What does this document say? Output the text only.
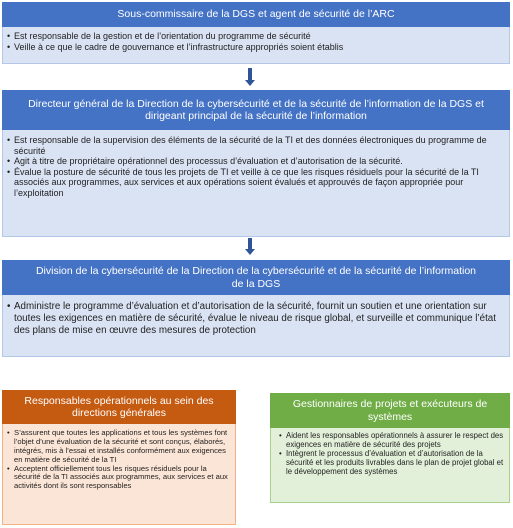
Sous-commissaire de la DGS et agent de sécurité de l’ARC
• Est responsable de la gestion et de l’orientation du programme de sécurité
• Veille à ce que le cadre de gouvernance et l’infrastructure appropriés soient établis
Directeur général de la Direction de la cybersécurité et de la sécurité de l’information de la DGS et dirigeant principal de la sécurité de l’information
• Est responsable de la supervision des éléments de la sécurité de la TI et des données électroniques du programme de sécurité
• Agit à titre de propriétaire opérationnel des processus d’évaluation et d’autorisation de la sécurité.
• Évalue la posture de sécurité de tous les projets de TI et veille à ce que les risques résiduels pour la sécurité de la TI associés aux programmes, aux services et aux opérations soient évalués et approuvés de façon appropriée pour l’exploitation
Division de la cybersécurité de la Direction de la cybersécurité et de la sécurité de l’information de la DGS
• Administre le programme d’évaluation et d’autorisation de la sécurité, fournit un soutien et une orientation sur toutes les exigences en matière de sécurité, évalue le niveau de risque global, et surveille et communique l’état des plans de mise en œuvre des mesures de protection
Responsables opérationnels au sein des directions générales
• S’assurent que toutes les applications et tous les systèmes font l’objet d’une évaluation de la sécurité et sont conçus, élaborés, intégrés, mis à l’essai et installés conformément aux exigences en matière de sécurité de la TI
• Acceptent officiellement tous les risques résiduels pour la sécurité de la TI associés aux programmes, aux services et aux activités dont ils sont responsables
Gestionnaires de projets et exécuteurs de systèmes
• Aident les responsables opérationnels à assurer le respect des exigences en matière de sécurité des projets
• Intègrent le processus d’évaluation et d’autorisation de la sécurité et les produits livrables dans le plan de projet global et le développement des systèmes
